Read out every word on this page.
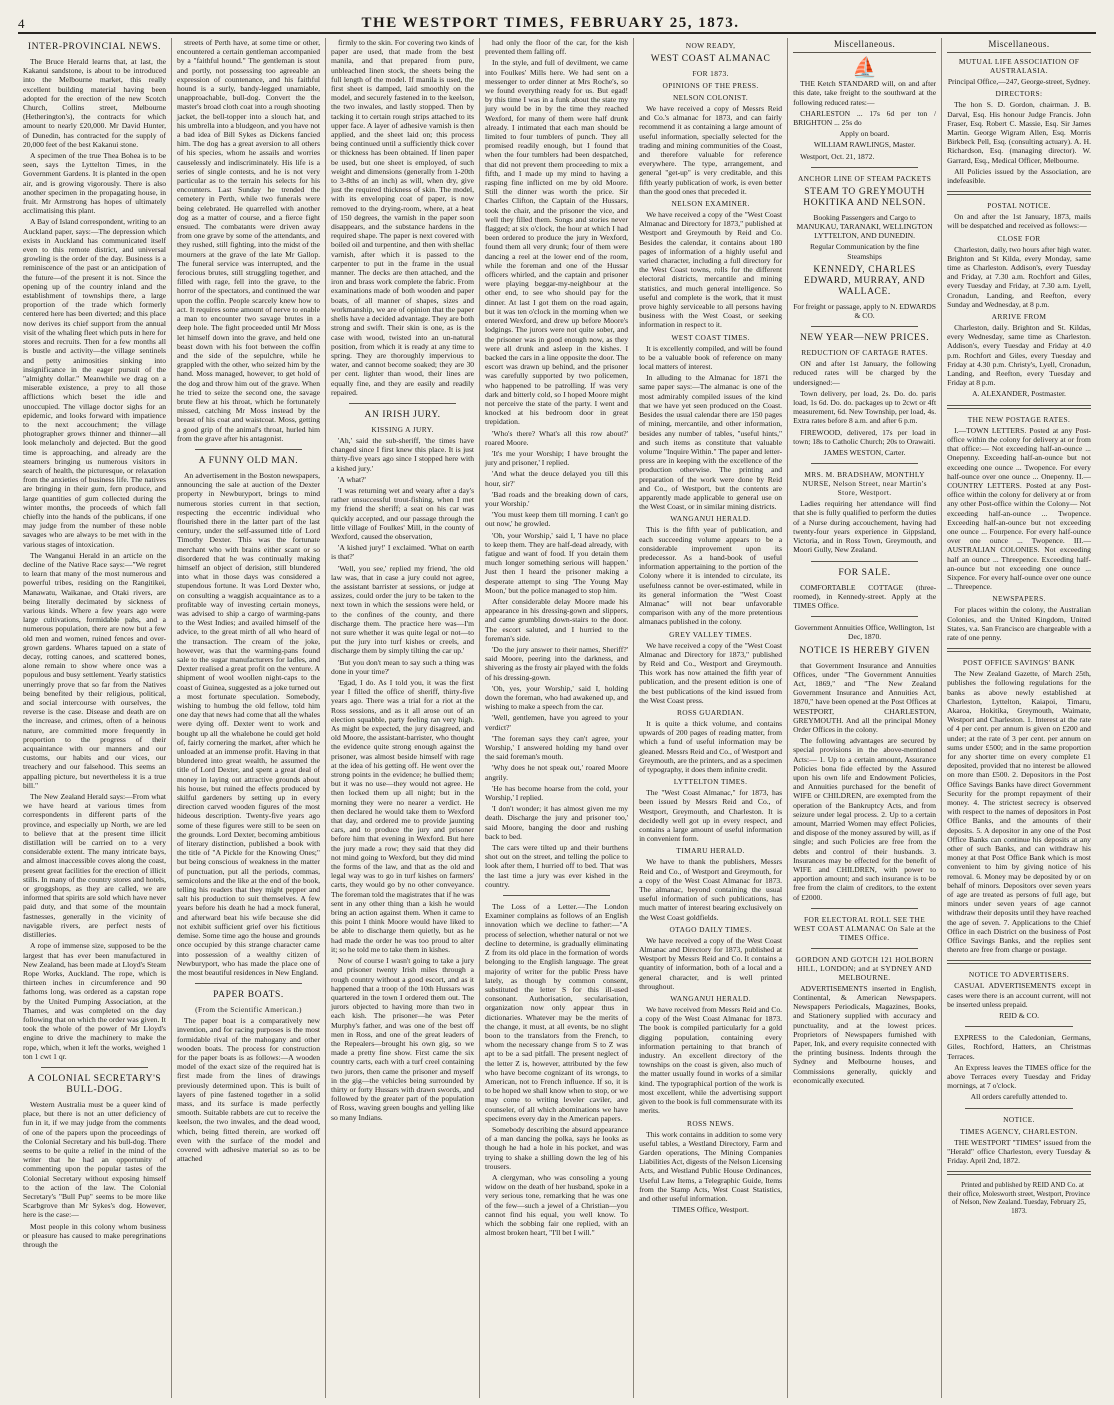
4	THE WESTPORT TIMES, FEBRUARY 25, 1873.
INTER-PROVINCIAL NEWS.

The Bruce Herald learns that, at last, the Kakanui sandstone, is about to be introduced into the Melbourne market, this really excellent building material having been adopted for the erection of the new Scotch Church, Collins street, Melbourne (Hetherington's), the contracts for which amount to nearly £20,000. Mr David Hunter, of Dunedin, has contracted for the supply of 20,000 feet of the best Kakanui stone.

A specimen of the true Thea Bohea is to be seen, says the Lyttelton Times, in the Government Gardens. It is planted in the open air, and is growing vigorously. There is also another specimen in the propagating house, in fruit. Mr Armstrong has hopes of ultimately acclimatising this plant.

A Bay of Island correspondent, writing to an Auckland paper, says:—The depression which exists in Auckland has communicated itself even to this remote district, and universal growling is the order of the day. Business is a reminiscence of the past or an anticipation of the future—of the present it is not. Since the opening up of the country inland and the establishment of townships there, a large proportion of the trade which formerly centered here has been diverted; and this place now derives its chief support from the annual visit of the whaling fleet which puts in here for stores and recruits. Then for a few months all is bustle and activity—the village sentinels and petty animosities sinking into insignificance in the eager pursuit of the "almighty dollar." Meanwhile we drag on a miserable existence, a prey to all those afflictions which beset the idle and unoccupied. The village doctor sighs for an epidemic, and looks forward with impatience to the next accouchment; the village photographer grows thinner and thinner—all look melancholy and dejected. But the good time is approaching, and already are the steamers bringing us numerous visitors in search of health, the picturesque, or relaxation from the anxieties of business life. The natives are bringing in their gum, fern produce, and large quantities of gum collected during the winter months, the proceeds of which fall chiefly into the hands of the publicans, if one may judge from the number of these noble savages who are always to be met with in the various stages of intoxication.

The Wanganui Herald in an article on the decline of the Native Race says:—"We regret to learn that many of the most numerous and powerful tribes, residing on the Rangitikei, Manawatu, Waikanae, and Otaki rivers, are being literally decimated by sickness of various kinds. Where a few years ago were large cultivations, formidable pahs, and a numerous population, there are now but a few old men and women, ruined fences and over-grown gardens. Whares tapued on a state of decay, rotting canoes, and scattered bones, alone remain to show where once was a populous and busy settlement. Yearly statistics unerringly prove that so far from the Natives being benefited by their religious, political, and social intercourse with ourselves, the reverse is the case. Disease and death are on the increase, and crimes, often of a heinous nature, are committed more frequently in proportion to the progress of their acquaintance with our manners and our customs, our habits and our vices, our treachery and our falsehood. This seems an appalling picture, but nevertheless it is a true bill."

The New Zealand Herald says:—From what we have heard at various times from correspondents in different parts of the province, and especially up North, we are led to believe that at the present time illicit distillation will be carried on to a very considerable extent. The many intricate bays, and almost inaccessible coves along the coast, present great facilities for the erection of illicit stills. In many of the country stores and hotels, or groggshops, as they are called, we are informed that spirits are sold which have never paid duty, and that some of the mountain fastnesses, generally in the vicinity of navigable rivers, are perfect nests of distilleries.

A rope of immense size, supposed to be the largest that has ever been manufactured in New Zealand, has been made at Lloyd's Steam Rope Works, Auckland. The rope, which is thirteen inches in circumference and 90 fathoms long, was ordered as a capstan rope by the United Pumping Association, at the Thames, and was completed on the day following that on which the order was given. It took the whole of the power of Mr Lloyd's engine to drive the machinery to make the rope, which, when it left the works, weighed 1 ton 1 cwt 1 qr.

A COLONIAL SECRETARY'S BULL-DOG.

Western Australia must be a queer kind of place, but there is not an utter deficiency of fun in it, if we may judge from the comments of one of the papers upon the proceedings of the Colonial Secretary and his bull-dog. There seems to be quite a relief in the mind of the writer that he had an opportunity of commenting upon the popular tastes of the Colonial Secretary without exposing himself to the action of the law. The Colonial Secretary's "Bull Pup" seems to be more like Scarbgrove than Mr Sykes's dog. However, here is the case:—

Most people in this colony whom business or pleasure has caused to make peregrinations through the

streets of Perth have, at some time or other, encountered a certain gentleman accompanied by a "faithful hound." The gentleman is stout and portly, not possessing too agreeable an expression of countenance, and his faithful hound is a surly, bandy-legged unamiable, unapproachable, bull-dog. Convert the the master's broad cloth coat into a rough shooting jacket, the bell-topper into a slouch hat, and his umbrella into a bludgeon, and you have not a bad idea of Bill Sykes as Dickens fancied him. The dog has a great aversion to all others of his species, whom he assails and worries causelessly and indiscriminately. His life is a series of single contests, and he is not very particular as to the terrain his selects for his encounters. Last Sunday he trended the cemetery in Perth, while two funerals were being celebrated. He quarrelled with another dog as a matter of course, and a fierce fight ensued. The combatants were driven away from one grave by some of the attendants, and they rushed, still fighting, into the midst of the mourners at the grave of the late Mr Gallop. The funeral service was interrupted, and the ferocious brutes, still struggling together, and filled with rage, fell into the grave, to the horror of the spectators, and continued the war upon the coffin. People scarcely knew how to act. It requires some amount of nerve to enable a man to encounter two savage brutes in a deep hole. The fight proceeded until Mr Moss let himself down into the grave, and held one beast down with his foot between the coffin and the side of the sepulchre, while he grappled with the other, who seized him by the hand. Moss managed, however, to get hold of the dog and throw him out of the grave. When he tried to seize the second one, the savage brute flew at his throat, which he fortunately missed, catching Mr Moss instead by the breast of his coat and waistcoat. Moss, getting a good grip of the animal's throat, hurled him from the grave after his antagonist.

A FUNNY OLD MAN.

An advertisement in the Boston newspapers, announcing the sale at auction of the Dexter property in Newburyport, brings to mind numerous stories current in that section, respecting the eccentric individual who flourished there in the latter part of the last century, under the self-assumed title of Lord Timothy Dexter. This was the fortunate merchant who with brains either scant or so disordered that he was continually making himself an object of derision, still blundered into what in those days was considered a stupendous fortune. It was Lord Dexter who, on consulting a waggish acquaintance as to a profitable way of investing certain moneys, was advised to ship a cargo of warming-pans to the West Indies; and availed himself of the advice, to the great mirth of all who heard of the transaction. The cream of the joke, however, was that the warming-pans found sale to the sugar manufacturers for ladles, and Dexter realised a great profit on the venture. A shipment of wool woollen night-caps to the coast of Guinea, suggested as a joke turned out a most fortunate speculation. Somebody, wishing to humbug the old fellow, told him one day that news had come that all the whales were dying off. Dexter went to work and bought up all the whalebone he could get hold of, fairly cornering the market, after which he unloaded at an immense profit. Having in that blundered into great wealth, he assumed the title of Lord Dexter, and spent a great deal of money in laying out attractive grounds about his house, but ruined the effects produced by skilful gardeners by setting up in every direction carved wooden figures of the most hideous description. Twenty-five years ago some of these figures were still to be seen on the grounds. Lord Dexter, becoming ambitious of literary distinction, published a book with the title of "A Pickle for the Knowing Ones;" but being conscious of weakness in the matter of punctuation, put all the periods, commas, semicolons and the like at the end of the book, telling his readers that they might pepper and salt his production to suit themselves. A few years before his death he had a mock funeral, and afterward beat his wife because she did not exhibit sufficient grief over his fictitious demise. Some time ago the house and grounds once occupied by this strange character came into possession of a wealthy citizen of Newburyport, who has made the place one of the most beautiful residences in New England.

PAPER BOATS.
(From the Scientific American.)

The paper boat is a comparatively new invention, and for racing purposes is the most formidable rival of the mahogany and other wooden boats. The process for construction for the paper boats is as follows:—A wooden model of the exact size of the required hat is first made from the lines of drawings previously determined upon. This is built of layers of pine fastened together in a solid mass, and its surface is made perfectly smooth. Suitable rabbets are cut to receive the keelson, the two inwales, and the dead wood, which, being fitted therein, are worked off even with the surface of the model and covered with adhesive material so as to be attached

firmly to the skin. For covering two kinds of paper are used, that made from the best manila, and that prepared from pure, unbleached linen stock, the sheets being the full length of the model. If manila is used, the first sheet is damped, laid smoothly on the model, and securely fastened in to the keelson, the two inwales, and lastly stopped. Then by tacking it to certain rough strips attached to its upper face. A layer of adhesive varnish is then applied, and the sheet laid on; this process being continued until a sufficiently thick cover or thickness has been obtained. If linen paper be used, but one sheet is employed, of such weight and dimensions (generally from 1-20th to 3-8ths of an inch) as will, when dry, give just the required thickness of skin. The model, with its enveloping coat of paper, is now removed to the drying-room, where, at a heat of 150 degrees, the varnish in the paper soon disappears, and the substance hardens in the required shape. The paper is next covered with boiled oil and turpentine, and then with shellac varnish, after which it is passed to the carpenter to put in the frame in the usual manner. The decks are then attached, and the iron and brass work complete the fabric. From examinations made of both wooden and paper boats, of all manner of shapes, sizes and workmanship, we are of opinion that the paper shells have a decided advantage. They are both strong and swift. Their skin is one, as is the case with wood, twisted into an un-natural position, from which it is ready at any time to spring. They are thoroughly impervious to water, and cannot become soaked; they are 30 per cent. lighter than wood, their lines are equally fine, and they are easily and readily repaired.

AN IRISH JURY.
KISSING A JURY.

'Ah,' said the sub-sheriff, 'the times have changed since I first knew this place. It is just thirty-five years ago since I stopped here with a kished jury.'

'A what?'

'I was returning wet and weary after a day's rather unsuccessful trout-fishing, when I met my friend the sheriff; a seat on his car was quickly accepted, and our passage through the little village of Foulkes' Mill, in the county of Wexford, caused the observation,

'A kished jury!' I exclaimed. 'What on earth is that?'

'Well, you see,' replied my friend, 'the old law was, that in case a jury could not agree, the assistant barrister at sessions, or judge at assizes, could order the jury to be taken to the next town in which the sessions were held, or to the confines of the county, and there discharge them. The practice here was—I'm not sure whether it was quite legal or not—to put the jury into turf kishes or creels, and discharge them by simply tilting the car up.'

'But you don't mean to say such a thing was done in your time?'

'Egad, I do. As I told you, it was the first year I filled the office of sheriff, thirty-five years ago. There was a trial for a riot at the Ross sessions, and as it all arose out of an election squabble, party feeling ran very high. As might be expected, the jury disagreed, and old Moore, the assistant-barrister, who thought the evidence quite strong enough against the prisoner, was almost beside himself with rage at the idea of his getting off. He went over the strong points in the evidence; he bullied them; but it was no use—they would not agree. He then locked them up all night; but in the morning they were no nearer a verdict. He then declared he would take them to Wexford that day, and ordered me to provide jaunting cars, and to produce the jury and prisoner before him that evening in Wexford. But here the jury made a row; they said that they did not mind going to Wexford, but they did mind the forms of the law, and that as the old and legal way was to go in turf kishes on farmers' carts, they would go by no other conveyance. The foreman told the magistrates that if he was sent in any other thing than a kish he would bring an action against them. When it came to this point I think Moore would have liked to be able to discharge them quietly, but as he had made the order he was too proud to alter it; so he told me to take them in kishes.

Now of course I wasn't going to take a jury and prisoner twenty Irish miles through a rough country without a good escort, and as it happened that a troop of the 10th Hussars was quartered in the town I ordered them out. The jurors objected to having more than two in each kish. The prisoner—he was Peter Murphy's father, and was one of the best off men in Ross, and one of the great leaders of the Repealers—brought his own gig, so we made a pretty fine show. First came the six country carts, each with a turf creel containing two jurors, then came the prisoner and myself in the gig—the vehicles being surrounded by thirty or forty Hussars with drawn swords, and followed by the greater part of the population of Ross, waving green boughs and yelling like so many Indians.

had only the floor of the car, for the kish prevented them falling off.

In the style, and full of devilment, we came into Foulkes' Mills here. We had sent on a messenger to order dinner at Mrs Roche's, so we found everything ready for us. But egad! by this time I was in a funk about the state my jury would be in by the time they reached Wexford, for many of them were half drunk already. I intimated that each man should be limited to four tumblers of punch. They all promised readily enough, but I found that when the four tumblers had been despatched, that did not prevent them proceeding to mix a fifth, and I made up my mind to having a rasping fine inflicted on me by old Moore. Still the dinner was worth the price. Sir Charles Clifton, the Captain of the Hussars, took the chair, and the prisoner the vice, and well they filled them. Songs and stories never flagged; at six o'clock, the hour at which I had been ordered to produce the jury in Wexford, found them all very drunk; four of them were dancing a reel at the lower end of the room, while the foreman and one of the Hussar officers whirled, and the captain and prisoner were playing beggar-my-neighbour at the other end, to see who should pay for the dinner. At last I got them on the road again, but it was ten o'clock in the morning when we entered Wexford, and drew up before Moore's lodgings. The jurors were not quite sober, and the prisoner was in good enough now, as they were all drunk and asleep in the kishes. I backed the cars in a line opposite the door. The escort was drawn up behind, and the prisoner was carefully supported by two policemen, who happened to be patrolling. If was very dark and bitterly cold, so I hoped Moore might not perceive the state of the party. I went and knocked at his bedroom door in great trepidation.

'Who's there? What's all this row about?' roared Moore.

'It's me your Worship; I have brought the jury and prisoner,' I replied.

'And what the deuce delayed you till this hour, sir?'

'Bad roads and the breaking down of cars, your Worship.'

'You must keep them till morning. I can't go out now,' he growled.

'Oh, your Worship,' said I, 'I have no place to keep them. They are half-dead already, with fatigue and want of food. If you detain them much longer something serious will happen.' Just then I heard the prisoner making a desperate attempt to sing 'The Young May Moon,' but the police managed to stop him.

After considerable delay Moore made his appearance in his dressing-gown and slippers, and came grumbling down-stairs to the door. The escort saluted, and I hurried to the foreman's side.

'Do the jury answer to their names, Sheriff?' said Moore, peering into the darkness, and shivering as the frosty air played with the folds of his dressing-gown.

'Oh, yes, your Worship,' said I, holding down the foreman, who had awakened up, and wishing to make a speech from the car.

'Well, gentlemen, have you agreed to your verdict?'

'The foreman says they can't agree, your Worship,' I answered holding my hand over the said foreman's mouth.

'Why does he not speak out,' roared Moore angrily.

'He has become hoarse from the cold, your Worship,' I replied.

'I don't wonder; it has almost given me my death. Discharge the jury and prisoner too,' said Moore, banging the door and rushing back to bed.

The cars were tilted up and their burthens shot out on the street, and telling the police to look after them, I hurried off to bed. That was the last time a jury was ever kished in the country.

The Loss of a Letter.—The London Examiner complains as follows of an English innovation which we decline to father:—"A process of selection, whether natural or not we decline to determine, is gradually eliminating Z from its old place in the formation of words belonging to the English language. The great majority of writer for the public Press have lately, as though by common consent, substituted the letter S for this ill-used consonant. Authorisation, secularisation, organization now only appear thus in dictionaries. Whatever may be the merits of the change, it must, at all events, be no slight boon to the translators from the French, to whom the necessary change from S to Z was apt to be a sad pitfall. The present neglect of the letter Z is, however, attributed by the few who have become cognizant of its wrongs, to American, not to French influence. If so, it is to be hoped we shall know when to stop, or we may come to writing leveler caviler, and counseler, of all which abominations we have specimens every day in the American papers.

Somebody describing the absurd appearance of a man dancing the polka, says he looks as though he had a hole in his pocket, and was trying to shake a shilling down the leg of his trousers.

A clergyman, who was consoling a young widow on the death of her husband, spoke in a very serious tone, remarking that he was one of the few—such a jewel of a Christian—you cannot find his equal, you well know. To which the sobbing fair one replied, with an almost broken heart, "I'll bet I will."

NOW READY,
WEST COAST ALMANAC
FOR 1873.
OPINIONS OF THE PRESS.
NELSON COLONIST.

We have received a copy of Messrs Reid and Co.'s almanac for 1873, and can fairly recommend it as containing a large amount of useful information, specially selected for the trading and mining communities of the Coast, and therefore valuable for reference everywhere. The type, arrangement, and general "get-up" is very creditable, and this fifth yearly publication of work, is even better than the good ones that preceded it.

NELSON EXAMINER.

We have received a copy of the "West Coast Almanac and Directory for 1873," published at Westport and Greymouth by Reid and Co. Besides the calendar, it contains about 180 pages of information of a highly useful and varied character, including a full directory for the West Coast towns, rolls for the different electoral districts, mercantile and mining statistics, and much general intelligence. So useful and complete is the work, that it must prove highly serviceable to all persons having business with the West Coast, or seeking information in respect to it.

WEST COAST TIMES.

It is excellently compiled, and will be found to be a valuable book of reference on many local matters of interest.

In alluding to the Almanac for 1871 the same paper says:—The almanac is one of the most admirably compiled issues of the kind that we have yet seen produced on the Coast. Besides the usual calendar there are 150 pages of mining, mercantile, and other information, besides any number of tables, "useful hints," and such items as constitute that valuable volume "Inquire Within." The paper and letter-press are in keeping with the excellence of the production otherwise. The printing and preparation of the work were done by Reid and Co., of Westport, but the contents are apparently made applicable to general use on the West Coast, or in similar mining districts.

WANGANUI HERALD.

This is the fifth year of publication, and each succeeding volume appears to be a considerable improvement upon its predecessor. As a hand-book of useful information appertaining to the portion of the Colony where it is intended to circulate, its usefulness cannot be over-estimated, while in its general information the "West Coast Almanac" will not bear unfavorable comparison with any of the more pretentious almanacs published in the colony.

GREY VALLEY TIMES.

We have received a copy of the "West Coast Almanac and Directory for 1873," published by Reid and Co., Westport and Greymouth. This work has now attained the fifth year of publication, and the present edition is one of the best publications of the kind issued from the West Coast press.

ROSS GUARDIAN.

It is quite a thick volume, and contains upwards of 200 pages of reading matter, from which a fund of useful information may be gleaned. Messrs Reid and Co., of Westport and Greymouth, are the printers, and as a specimen of typography, it does them infinite credit.

LYTTELTON TIMES.

The "West Coast Almanac," for 1873, has been issued by Messrs Reid and Co., of Westport, Greymouth, and Charleston. It is decidedly well got up in every respect, and contains a large amount of useful information in convenient form.

TIMARU HERALD.

We have to thank the publishers, Messrs Reid and Co., of Westport and Greymouth, for a copy of the West Coast Almanac for 1873. The almanac, beyond containing the usual useful information of such publications, has much matter of interest bearing exclusively on the West Coast goldfields.

OTAGO DAILY TIMES.

We have received a copy of the West Coast Almanac and Directory for 1873, published at Westport by Messrs Reid and Co. It contains a quantity of information, both of a local and a general character, and is well printed throughout.

WANGANUI HERALD.

We have received from Messrs Reid and Co. a copy of the West Coast Almanac for 1873. The book is compiled particularly for a gold digging population, containing every information pertaining to that branch of industry. An excellent directory of the townships on the coast is given, also much of the matter usually found in works of a similar kind. The typographical portion of the work is most excellent, while the advertising support given to the book is full commensurate with its merits.

ROSS NEWS.

This work contains in addition to some very useful tables, a Westland Directory, Farm and Garden operations, The Mining Companies Liabilities Act, digests of the Nelson Licensing Acts, and Westland Public House Ordinances, Useful Law Items, a Telegraphic Guide, Items from the Stamp Acts, West Coast Statistics, and other useful information.

TIMES Office, Westport.

Miscellaneous.
⛵

THE Ketch STANDARD will, on and after this date, take freight to the southward at the following reduced rates:—

CHARLESTON ... 17s 6d per ton / BRIGHTON ... 25s do

Apply on board.

WILLIAM RAWLINGS, Master.

Westport, Oct. 21, 1872.

ANCHOR LINE OF STEAM PACKETS
STEAM TO GREYMOUTH HOKITIKA AND NELSON.

Booking Passengers and Cargo to MANUKAU, TARANAKI, WELLINGTON LYTTELTON, AND DUNEDIN.

Regular Communication by the fine Steamships

KENNEDY, CHARLES EDWARD, MURRAY, AND WALLACE.

For freight or passage, apply to N. EDWARDS & CO.

NEW YEAR—NEW PRICES.
REDUCTION OF CARTAGE RATES.

ON and after 1st January, the following reduced rates will be charged by the undersigned:—

Town delivery, per load, 2s. Do. do. paris load, 1s 6d. Do. do. packages up to 2cwt or 4ft measurement, 6d. New Township, per load, 4s. Extra rates before 8 a.m. and after 6 p.m.

FIREWOOD, delivered, 17s per load in town; 18s to Catholic Church; 20s to Orawaiti.

JAMES WESTON, Carter.

MRS. M. BRADSHAW, MONTHLY NURSE, Nelson Street, near Martin's Store, Westport.

Ladies requiring her attendance will find that she is fully qualified to perform the duties of a Nurse during accouchement, having had twenty-four years experience in Gippsland, Victoria, and in Ross Town, Greymouth, and Moori Gully, New Zealand.

FOR SALE.

COMFORTABLE COTTAGE (three-roomed), in Kennedy-street. Apply at the TIMES Office.

Government Annuities Office, Wellington, 1st Dec, 1870.

NOTICE IS HEREBY GIVEN

that Government Insurance and Annuities Offices, under "The Government Annuities Act, 1869," and "The New Zealand Government Insurance and Annuities Act, 1870," have been opened at the Post Offices at WESTPORT, CHARLESTON, GREYMOUTH. And all the principal Money Order Offices in the colony.

The following advantages are secured by special provisions in the above-mentioned Acts:— 1. Up to a certain amount, Assurance Policies bona fide effected by the Assured upon his own life and Endowment Policies, and Annuities purchased for the benefit of WIFE or CHILDREN, are exempted from the operation of the Bankruptcy Acts, and from seizure under legal process. 2. Up to a certain amount, Married Women may effect Policies, and dispose of the money assured by will, as if single; and such Policies are free from the debts and control of their husbands. 3. Insurances may be effected for the benefit of WIFE and CHILDREN, with power to apportion amount; and such insurance is to be free from the claim of creditors, to the extent of £2000.

FOR ELECTORAL ROLL SEE THE WEST COAST ALMANAC On Sale at the TIMES Office.
GORDON AND GOTCH 121 HOLBORN HILL, LONDON; and at SYDNEY AND MELBOURNE.

ADVERTISEMENTS inserted in English, Continental, & American Newspapers. Newspapers Periodicals, Magazines, Books, and Stationery supplied with accuracy and punctuality, and at the lowest prices. Proprietors of Newspapers furnished with Paper, Ink, and every requisite connected with the printing business. Indents through the Sydney and Melbourne houses, and Commissions generally, quickly and economically executed.

Miscellaneous.
MUTUAL LIFE ASSOCIATION OF AUSTRALASIA.

Principal Office,—247, George-street, Sydney.

DIRECTORS:

The hon S. D. Gordon, chairman. J. B. Darval, Esq. His honour Judge Francis. John Fraser, Esq. Robert C. Massie, Esq. Sir James Martin. George Wigram Allen, Esq. Morris Birkbeck Pell, Esq. (consulting actuary). A. H. Richardson, Esq. (managing director). W. Garrard, Esq., Medical Officer, Melbourne.

All Policies issued by the Association, are indefeasible.

POSTAL NOTICE.

On and after the 1st January, 1873, mails will be despatched and received as follows:—

CLOSE FOR

Charleston, daily, two hours after high water. Brighton and St Kilda, every Monday, same time as Charleston. Addison's, every Tuesday and Friday, at 7.30 a.m. Rochfort and Giles, every Tuesday and Friday, at 7.30 a.m. Lyell, Cronadun, Landing, and Reefton, every Sunday and Wednesday, at 8 p.m.

ARRIVE FROM

Charleston, daily. Brighton and St. Kildas, every Wednesday, same time as Charleston. Addison's, every Tuesday and Friday at 4.0 p.m. Rochfort and Giles, every Tuesday and Friday at 4.30 p.m. Christy's, Lyell, Cronadun, Landing, and Reefton, every Tuesday and Friday at 8 p.m.

A. ALEXANDER, Postmaster.

THE NEW POSTAGE RATES.

I.—TOWN LETTERS. Posted at any Post-office within the colony for delivery at or from that office:— Not exceeding half-an-ounce ... Onepenny. Exceeding half-an-ounce but not exceeding one ounce ... Twopence. For every half-ounce over one ounce ... Onepenny. II.—COUNTRY LETTERS. Posted at any Post-office within the colony for delivery at or from any other Post-office within the Colony— Not exceeding half-an-ounce ... Twopence. Exceeding half-an-ounce but not exceeding one ounce ... Fourpence. For every half-ounce over one ounce ... Twopence. III.—AUSTRALIAN COLONIES. Not exceeding half an ounce ... Threepence. Exceeding half-an-ounce but not exceeding one ounce ... Sixpence. For every half-ounce over one ounce ... Threepence.

NEWSPAPERS.

For places within the colony, the Australian Colonies, and the United Kingdom, United States, v.a. San Francisco are chargeable with a rate of one penny.

POST OFFICE SAVINGS' BANK

The New Zealand Gazette, of March 25th, publishes the following regulations for the banks as above newly established at Charleston, Lyttelton, Kaiapoi, Timaru, Akaroa, Hokitika, Greymouth, Waimate, Westport and Charleston. 1. Interest at the rate of 4 per cent. per annum is given on £200 and under; at the rate of 3 per cent. per annum on sums under £500; and in the same proportion for any shorter time on every complete £1 deposited, provided that no interest be allowed on more than £500. 2. Depositors in the Post Office Savings Banks have direct Government Security for the prompt repayment of their money. 4. The strictest secrecy is observed with respect to the names of depositors in Post Office Banks, and the amounts of their deposits. 5. A depositor in any one of the Post Office Banks can continue his deposits at any other of such Banks, and can withdraw his money at that Post Office Bank which is most convenient to him by giving notice of his removal. 6. Money may be deposited by or on behalf of minors. Depositors over seven years of age are treated as persons of full age, but minors under seven years of age cannot withdraw their deposits until they have reached the age of seven. 7. Applications to the Chief Office in each District on the business of Post Office Savings Banks, and the replies sent thereto are free from charge or postage.

NOTICE TO ADVERTISERS.

CASUAL ADVERTISEMENTS except in cases were there is an account current, will not be inserted unless prepaid.

REID & CO.

EXPRESS to the Caledonian, Germans, Giles, Rochford, Hatters, an Christmas Terraces.

An Express leaves the TIMES office for the above Terraces every Tuesday and Friday mornings, at 7 o'clock.

All orders carefully attended to.

NOTICE.
TIMES AGENCY, CHARLESTON.

THE WESTPORT "TIMES" issued from the "Herald" office Charleston, every Tuesday & Friday. April 2nd, 1872.

Printed and published by REID AND Co. at their office, Molesworth street, Westport, Province of Nelson, New Zealand. Tuesday, February 25, 1873.
